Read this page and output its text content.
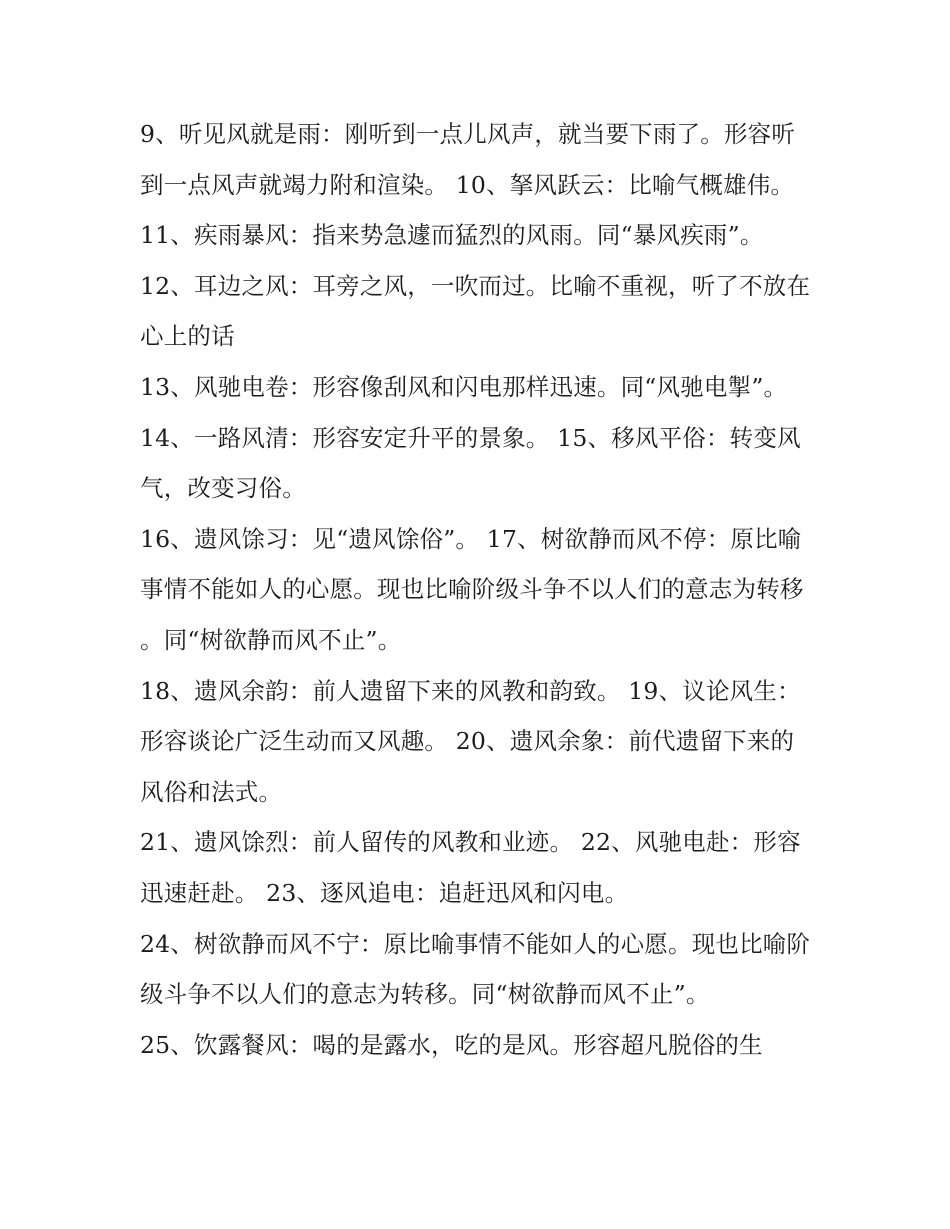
9、听见风就是雨：刚听到一点儿风声，就当要下雨了。形容听到一点风声就竭力附和渲染。 10、拏风跃云：比喻气概雄伟。

11、疾雨暴风：指来势急遽而猛烈的风雨。同“暴风疾雨”。

12、耳边之风：耳旁之风，一吹而过。比喻不重视，听了不放在心上的话

13、风驰电卷：形容像刮风和闪电那样迅速。同“风驰电掣”。

14、一路风清：形容安定升平的景象。 15、移风平俗：转变风气，改变习俗。

16、遗风馀习：见“遗风馀俗”。 17、树欲静而风不停：原比喻事情不能如人的心愿。现也比喻阶级斗争不以人们的意志为转移。同“树欲静而风不止”。

18、遗风余韵：前人遗留下来的风教和韵致。 19、议论风生：形容谈论广泛生动而又风趣。 20、遗风余象：前代遗留下来的风俗和法式。

21、遗风馀烈：前人留传的风教和业迹。 22、风驰电赴：形容迅速赶赴。 23、逐风追电：追赶迅风和闪电。

24、树欲静而风不宁：原比喻事情不能如人的心愿。现也比喻阶级斗争不以人们的意志为转移。同“树欲静而风不止”。

25、饮露餐风：喝的是露水，吃的是风。形容超凡脱俗的生
